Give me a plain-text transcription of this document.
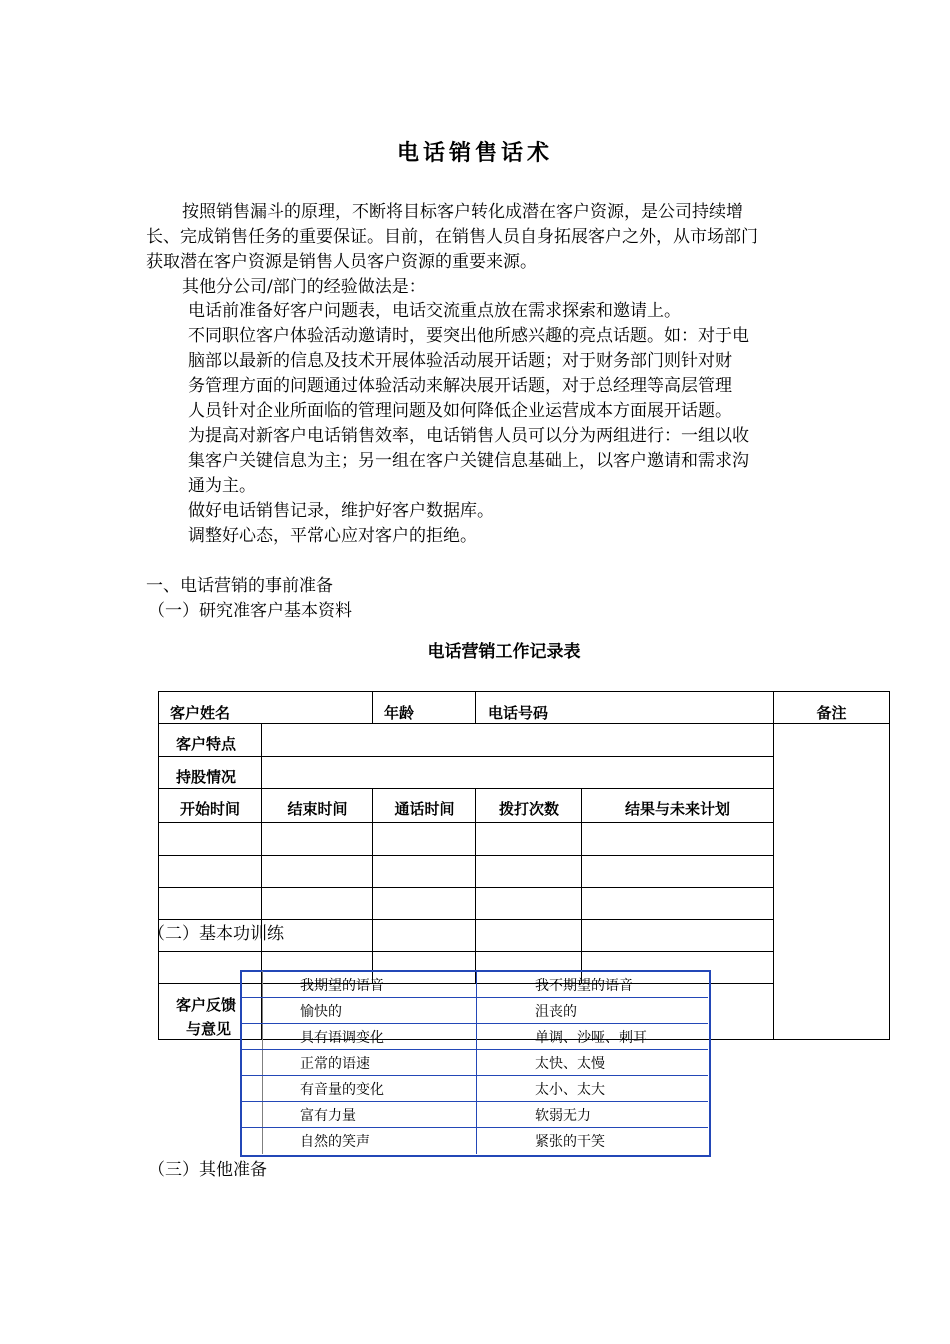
电话销售话术
按照销售漏斗的原理，不断将目标客户转化成潜在客户资源，是公司持续增
长、完成销售任务的重要保证。目前，在销售人员自身拓展客户之外，从市场部门
获取潜在客户资源是销售人员客户资源的重要来源。
其他分公司/部门的经验做法是：
电话前准备好客户问题表，电话交流重点放在需求探索和邀请上。
不同职位客户体验活动邀请时，要突出他所感兴趣的亮点话题。如：对于电
脑部以最新的信息及技术开展体验活动展开话题；对于财务部门则针对财
务管理方面的问题通过体验活动来解决展开话题，对于总经理等高层管理
人员针对企业所面临的管理问题及如何降低企业运营成本方面展开话题。
为提高对新客户电话销售效率，电话销售人员可以分为两组进行：一组以收
集客户关键信息为主；另一组在客户关键信息基础上，以客户邀请和需求沟
通为主。
做好电话销售记录，维护好客户数据库。
调整好心态，平常心应对客户的拒绝。
一、电话营销的事前准备
（一）研究准客户基本资料
电话营销工作记录表
客户姓名	年龄	电话号码	备注
客户特点
持股情况
开始时间	结束时间	通话时间	拨打次数	结果与未来计划
客户反馈
与意见
（二）基本功训练
我期望的语音	我不期望的语音
愉快的	沮丧的
具有语调变化	单调、沙哑、刺耳
正常的语速	太快、太慢
有音量的变化	太小、太大
富有力量	软弱无力
自然的笑声	紧张的干笑
（三）其他准备
